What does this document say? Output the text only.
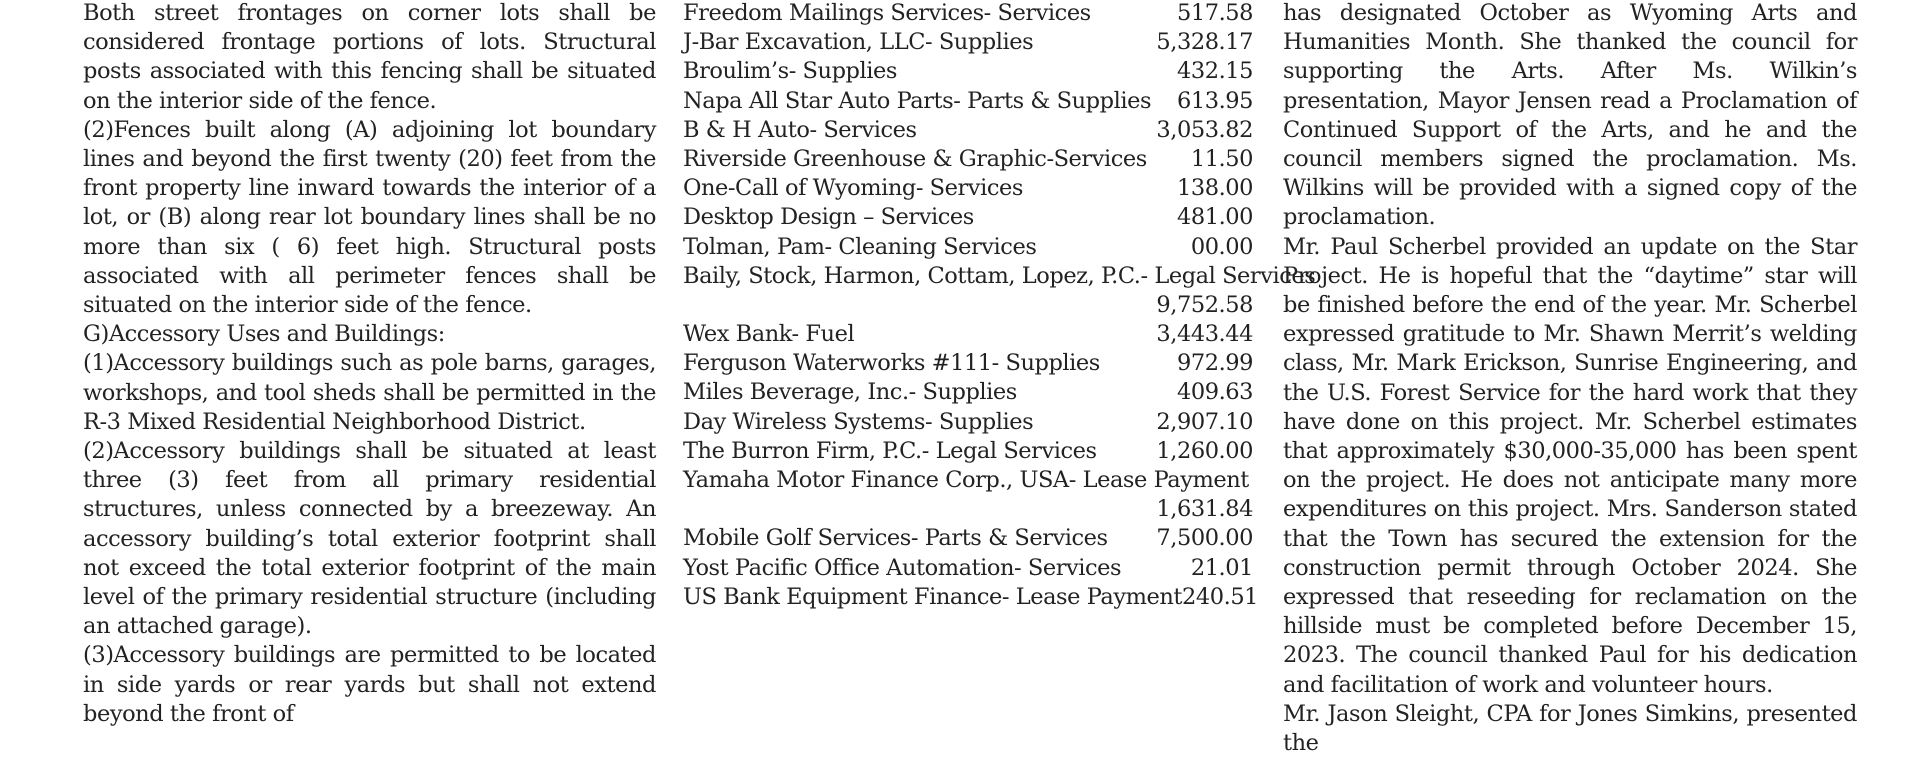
Both street frontages on corner lots shall be considered frontage portions of lots. Structural posts associated with this fencing shall be situated on the interior side of the fence.

(2)Fences built along (A) adjoining lot boundary lines and beyond the first twenty (20) feet from the front property line inward towards the interior of a lot, or (B) along rear lot boundary lines shall be no more than six ( 6) feet high. Structural posts associated with all perimeter fences shall be situated on the interior side of the fence.

G)Accessory Uses and Buildings:

(1)Accessory buildings such as pole barns, garages, workshops, and tool sheds shall be permitted in the R-3 Mixed Residential Neighborhood District.

(2)Accessory buildings shall be situated at least three (3) feet from all primary residential structures, unless connected by a breezeway. An accessory building’s total exterior footprint shall not exceed the total exterior footprint of the main level of the primary residential structure (including an attached garage).

(3)Accessory buildings are permitted to be located in side yards or rear yards but shall not extend beyond the front of

Freedom Mailings Services- Services	517.58
J-Bar Excavation, LLC- Supplies	5,328.17
Broulim’s- Supplies	432.15
Napa All Star Auto Parts- Parts & Supplies 613.95
B & H Auto- Services	3,053.82
Riverside Greenhouse & Graphic-Services 11.50
One-Call of Wyoming- Services	138.00
Desktop Design – Services	481.00
Tolman, Pam- Cleaning Services	00.00
Baily, Stock, Harmon, Cottam, Lopez, P.C.- Legal Services
9,752.58
Wex Bank- Fuel	3,443.44
Ferguson Waterworks #111- Supplies	972.99
Miles Beverage, Inc.- Supplies	409.63
Day Wireless Systems- Supplies	2,907.10
The Burron Firm, P.C.- Legal Services	1,260.00
Yamaha Motor Finance Corp., USA- Lease Payment
1,631.84
Mobile Golf Services- Parts & Services 7,500.00
Yost Pacific Office Automation- Services	21.01
US Bank Equipment Finance- Lease Payment 240.51

has designated October as Wyoming Arts and Humanities Month. She thanked the council for supporting the Arts. After Ms. Wilkin’s presentation, Mayor Jensen read a Proclamation of Continued Support of the Arts, and he and the council members signed the proclamation. Ms. Wilkins will be provided with a signed copy of the proclamation.

Mr. Paul Scherbel provided an update on the Star Project. He is hopeful that the “daytime” star will be finished before the end of the year. Mr. Scherbel expressed gratitude to Mr. Shawn Merrit’s welding class, Mr. Mark Erickson, Sunrise Engineering, and the U.S. Forest Service for the hard work that they have done on this project. Mr. Scherbel estimates that approximately $30,000-35,000 has been spent on the project. He does not anticipate many more expenditures on this project. Mrs. Sanderson stated that the Town has secured the extension for the construction permit through October 2024. She expressed that reseeding for reclamation on the hillside must be completed before December 15, 2023. The council thanked Paul for his dedication and facilitation of work and volunteer hours.

Mr. Jason Sleight, CPA for Jones Simkins, presented the
